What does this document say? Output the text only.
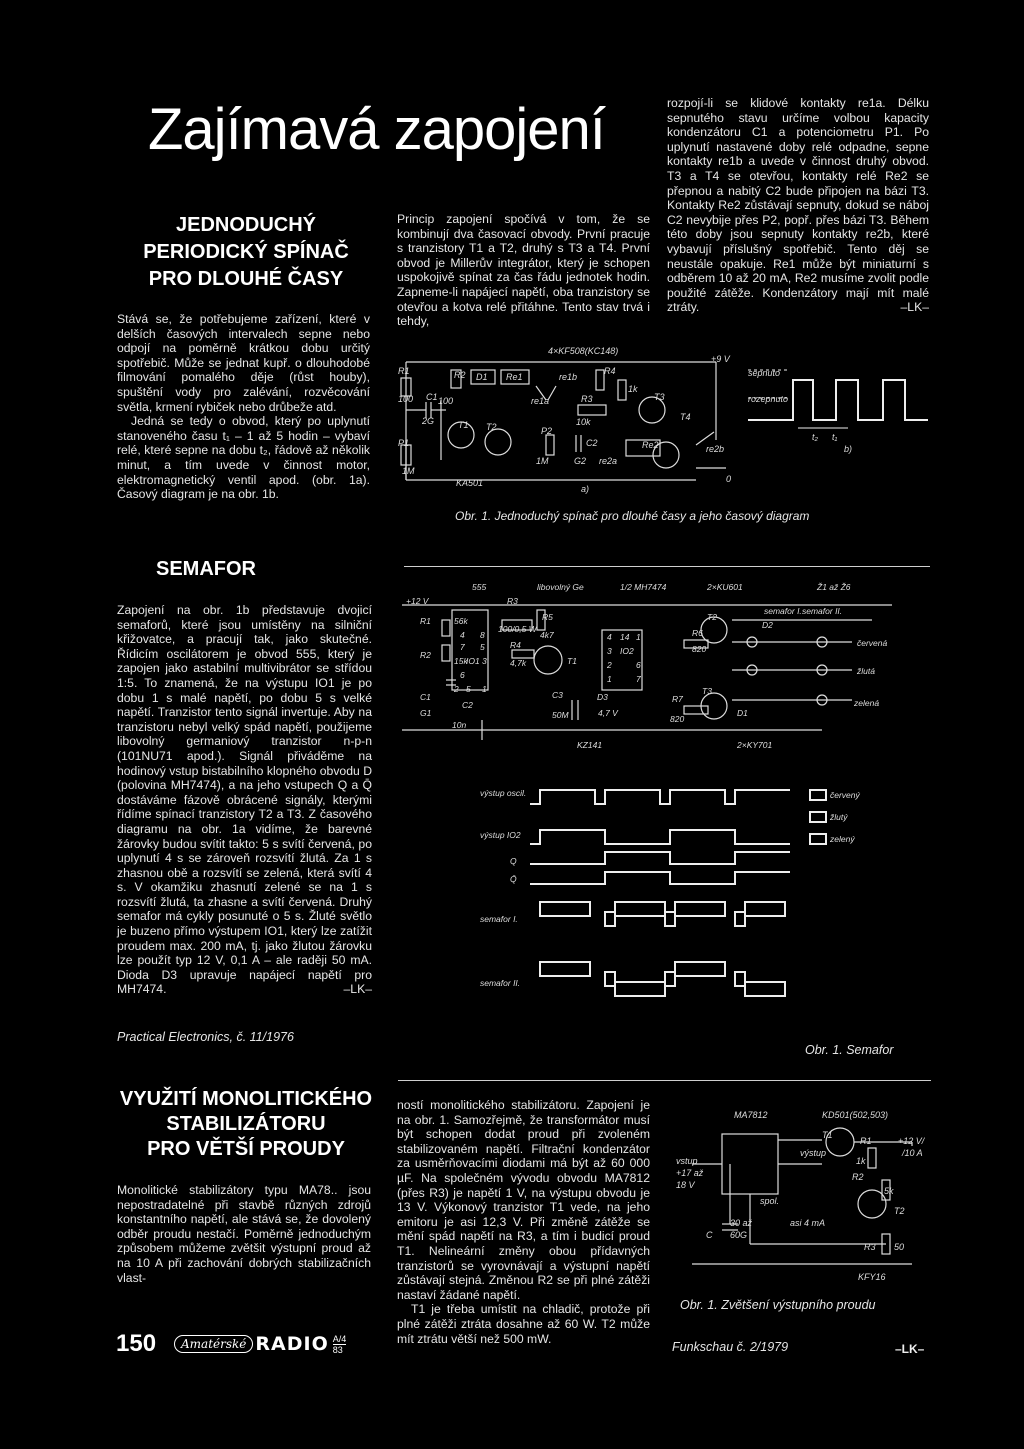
Zajímavá zapojení
JEDNODUCHÝ
PERIODICKÝ SPÍNAČ
PRO DLOUHÉ ČASY

Stává se, že potřebujeme zařízení, které v delších časových intervalech sepne nebo odpojí na poměrně krátkou dobu určitý spotřebič. Může se jednat kupř. o dlouhodobé filmování pomalého děje (růst houby), spuštění vody pro zalévání, rozvěcování světla, krmení rybiček nebo drůbeže atd.

Jedná se tedy o obvod, který po uplynutí stanoveného času t₁ – 1 až 5 hodin – vybaví relé, které sepne na dobu t₂, řádově až několik minut, a tím uvede v činnost motor, elektromagnetický ventil apod. (obr. 1a). Časový diagram je na obr. 1b.

Princip zapojení spočívá v tom, že se kombinují dva časovací obvody. První pracuje s tranzistory T1 a T2, druhý s T3 a T4. První obvod je Millerův integrátor, který je schopen uspokojivě spínat za čas řádu jednotek hodin. Zapneme-li napájecí napětí, oba tranzistory se otevřou a kotva relé přitáhne. Tento stav trvá i tehdy,
rozpojí-li se klidové kontakty re1a. Délku sepnutého stavu určíme volbou kapacity kondenzátoru C1 a potenciometru P1. Po uplynutí nastavené doby relé odpadne, sepne kontakty re1b a uvede v činnost druhý obvod. T3 a T4 se otevřou, kontakty relé Re2 se přepnou a nabitý C2 bude připojen na bázi T3. Kontakty Re2 zůstávají sepnuty, dokud se náboj C2 nevybije přes P2, popř. přes bázi T3. Během této doby jsou sepnuty kontakty re2b, které vybavují příslušný spotřebič. Tento děj se neustále opakuje. Re1 může být miniaturní s odběrem 10 až 20 mA, Re2 musíme zvolit podle použité zátěže. Kondenzátory mají mít malé ztráty.	–LK–
4×KF508(KC148)
R1	R2 D1 Re1	re1b
R4
1k
+9 V
100 C1 100	re1a	R3	T3
2G	T1 T2	10k	T4
P1
P2
C2	Re2	re2b
1M
1M	G2 re2a
KA501
a)
0
sepnuto
rozepnuto
t₂ t₁
b)
Obr. 1. Jednoduchý spínač pro dlouhé časy a jeho časový diagram
SEMAFOR
Zapojení na obr. 1b představuje dvojicí semaforů, které jsou umístěny na silniční křižovatce, a pracují tak, jako skutečné. Řídicím oscilátorem je obvod 555, který je zapojen jako astabilní multivibrátor se střídou 1:5. To znamená, že na výstupu IO1 je po dobu 1 s malé napětí, po dobu 5 s velké napětí. Tranzistor tento signál invertuje. Aby na tranzistoru nebyl velký spád napětí, použijeme libovolný germaniový tranzistor n-p-n (101NU71 apod.). Signál přiváděme na hodinový vstup bistabilního klopného obvodu D (polovina MH7474), a na jeho vstupech Q a Q̄ dostáváme fázově obrácené signály, kterými řídíme spínací tranzistory T2 a T3. Z časového diagramu na obr. 1a vidíme, že barevné žárovky budou svítit takto: 5 s svítí červená, po uplynutí 4 s se zároveň rozsvítí žlutá. Za 1 s zhasnou obě a rozsvítí se zelená, která svítí 4 s. V okamžiku zhasnutí zelené se na 1 s rozsvítí žlutá, ta zhasne a svítí červená. Druhý semafor má cykly posunuté o 5 s. Žluté světlo je buzeno přímo výstupem IO1, který lze zatížit proudem max. 200 mA, tj. jako žlutou žárovku lze použít typ 12 V, 0,1 A – ale raději 50 mA. Dioda D3 upravuje napájecí napětí pro MH7474.	–LK–
Practical Electronics, č. 11/1976
555	libovolný Ge	1/2 MH7474	2×KU601	Ž1 až Ž6
+12 V	R3
semafor I. semafor II.
R1	56k
100/0,5 W
R5	T2
D2
4 8	4k7	4 14 1	R6
červená
R2
7 5	R4
3 IO2	820
15k
IO1 3	4,7k	T1	2	6
žlutá
6	1	7
C1
2 5 1
C3	D3	R7
T3
G1
C2
50M	4,7 V
820
D1
zelená
10n
KZ141	2×KY701
výstup oscil.
výstup IO2
Q
Q̄
semafor I.
semafor II.
červený
žlutý
zelený
Obr. 1. Semafor
VYUŽITÍ MONOLITICKÉHO
STABILIZÁTORU
PRO VĚTŠÍ PROUDY
Monolitické stabilizátory typu MA78.. jsou nepostradatelné při stavbě různých zdrojů konstantního napětí, ale stává se, že dovolený odběr proudu nestačí. Poměrně jednoduchým způsobem můžeme zvětšit výstupní proud až na 10 A při zachování dobrých stabilizačních vlast-

ností monolitického stabilizátoru. Zapojení je na obr. 1. Samozřejmě, že transformátor musí být schopen dodat proud při zvoleném stabilizovaném napětí. Filtrační kondenzátor za usměrňovacími diodami má být až 60 000 µF. Na společném vývodu obvodu MA7812 (přes R3) je napětí 1 V, na výstupu obvodu je 13 V. Výkonový tranzistor T1 vede, na jeho emitoru je asi 12,3 V. Při změně zátěže se mění spád napětí na R3, a tím i budicí proud T1. Nelineární změny obou přídavných tranzistorů se vyrovnávají a výstupní napětí zůstávají stejná. Změnou R2 se při plné zátěži nastaví žádané napětí.

T1 je třeba umístit na chladič, protože při plné zátěži ztráta dosahne až 60 W. T2 může mít ztrátu větší než 500 mW.

MA7812	KD501(502,503)
T1
R1	+12 V/
/10 A
výstup
vstup
+17 až
18 V
1k
R2
5k
spol.
T2
30 až
60G
asi 4 mA
C
R3 50
KFY16
Obr. 1. Zvětšení výstupního proudu
Funkschau č. 2/1979	–LK–
150	Amatérské RADIO A/4
83
